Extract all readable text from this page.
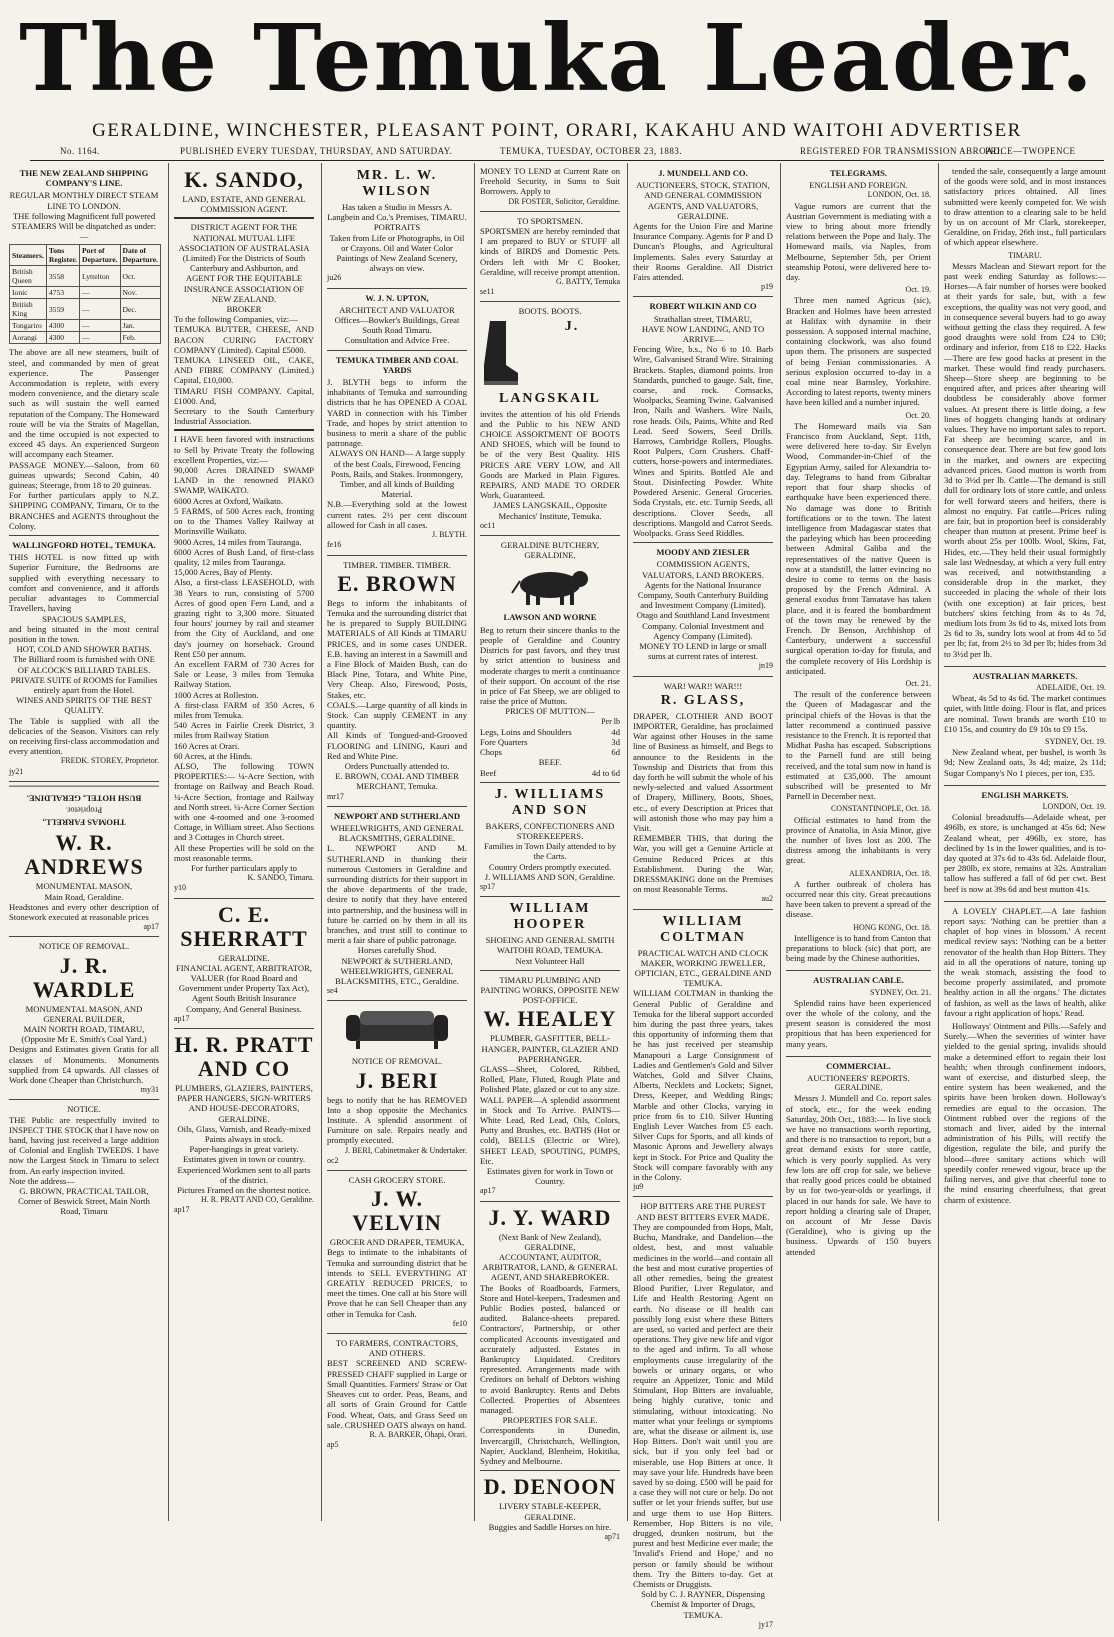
The Temuka Leader.
GERALDINE, WINCHESTER, PLEASANT POINT, ORARI, KAKAHU AND WAITOHI ADVERTISER
No. 1164.	PUBLISHED EVERY TUESDAY, THURSDAY, AND SATURDAY.	TEMUKA, TUESDAY, OCTOBER 23, 1883.	REGISTERED FOR TRANSMISSION ABROAD.
PRICE—TWOPENCE
THE NEW ZEALAND SHIPPING COMPANY'S LINE.
REGULAR MONTHLY DIRECT STEAM LINE TO LONDON.
THE following Magnificent full powered STEAMERS Will be dispatched as under:—
Steamers.	Tons Register.	Port of Departure.	Date of Departure.
British Queen	3558	Lyttelton	Oct.
Ionic	4753	—	Nov.
British King	3559	—	Dec.
Tongariro	4300	—	Jan.
Aorangi	4300	—	Feb.
The above are all new steamers, built of steel, and commanded by men of great experience. The Passenger Accommodation is replete, with every modern convenience, and the dietary scale such as will sustain the well earned reputation of the Company. The Homeward route will be via the Straits of Magellan, and the time occupied is not expected to exceed 45 days. An experienced Surgeon will accompany each Steamer.
PASSAGE MONEY.—Saloon, from 60 guineas upwards; Second Cabin, 40 guineas; Steerage, from 18 to 20 guineas.
For further particulars apply to N.Z. SHIPPING COMPANY, Timaru, Or to the BRANCHES and AGENTS throughout the Colony.
WALLINGFORD HOTEL, TEMUKA.
THIS HOTEL is now fitted up with Superior Furniture, the Bedrooms are supplied with everything necessary to comfort and convenience, and it affords peculiar advantages to Commercial Travellers, having
SPACIOUS SAMPLES,
and being situated in the most central position in the town.
HOT, COLD AND SHOWER BATHS.
The Billiard room is furnished with ONE OF ALCOCK'S BILLIARD TABLES.
PRIVATE SUITE of ROOMS for Families entirely apart from the Hotel.
WINES AND SPIRITS OF THE BEST QUALITY.
The Table is supplied with all the delicacies of the Season. Visitors can rely on receiving first-class accommodation and every attention.
FREDK. STOREY, Proprietor.
jy21
THOMAS FARRELL,
Proprietor.
BUSH HOTEL, GERALDINE.
W. R. ANDREWS
MONUMENTAL MASON,
Main Road, Geraldine.
Headstones and every other description of Stonework executed at reasonable prices
ap17
NOTICE OF REMOVAL.
J. R. WARDLE
MONUMENTAL MASON, AND GENERAL BUILDER,
MAIN NORTH ROAD, TIMARU, (Opposite Mr E. Smith's Coal Yard.)
Designs and Estimates given Gratis for all classes of Monuments. Monuments supplied from £4 upwards. All classes of Work done Cheaper than Christchurch.
my31
NOTICE.
THE Public are respectfully invited to INSPECT THE STOCK that I have now on hand, having just received a large addition of Colonial and English TWEEDS. I have now the Largest Stock in Timaru to select from. An early inspection invited.
Note the address—
G. BROWN, PRACTICAL TAILOR,
Corner of Beswick Street, Main North Road, Timaru
K. SANDO,
LAND, ESTATE, AND GENERAL COMMISSION AGENT.
DISTRICT AGENT FOR THE NATIONAL MUTUAL LIFE ASSOCIATION OF AUSTRALASIA (Limited) For the Districts of South Canterbury and Ashburton, and
AGENT FOR THE EQUITABLE INSURANCE ASSOCIATION OF NEW ZEALAND.
BROKER
To the following Companies, viz:—
TEMUKA BUTTER, CHEESE, AND BACON CURING FACTORY COMPANY (Limited). Capital £5000.
TEMUKA LINSEED OIL, CAKE, AND FIBRE COMPANY (Limited.) Capital, £10,000.
TIMARU FISH COMPANY. Capital, £1000. And,
Secretary to the South Canterbury Industrial Association.
I HAVE been favored with instructions to Sell by Private Treaty the following excellent Properties, viz:—
90,000 Acres DRAINED SWAMP LAND in the renowned PIAKO SWAMP, WAIKATO.
6000 Acres at Oxford, Waikato.
5 FARMS, of 500 Acres each, fronting on to the Thames Valley Railway at Morinsville Waikato.
9000 Acres, 14 miles from Tauranga.
6000 Acres of Bush Land, of first-class quality, 12 miles from Tauranga.
15,000 Acres, Bay of Plenty.
Also, a first-class LEASEHOLD, with 38 Years to run, consisting of 5700 Acres of good open Fern Land, and a grazing right to 3,300 more. Situated four hours' journey by rail and steamer from the City of Auckland, and one day's journey on horseback. Ground Rent £50 per annum.
An excellent FARM of 730 Acres for Sale or Lease, 3 miles from Temuka Railway Station.
1000 Acres at Rolleston.
A first-class FARM of 350 Acres, 6 miles from Temuka.
540 Acres in Fairlie Creek District, 3 miles from Railway Station
160 Acres at Orari.
60 Acres, at the Hinds.
ALSO, The following TOWN PROPERTIES:— ¼-Acre Section, with frontage on Railway and Beach Road. ¼-Acre Section, frontage and Railway and North street. ¼-Acre Corner Section with one 4-roomed and one 3-roomed Cottage, in William street. Also Sections and 3 Cottages in Church street.
All these Properties will be sold on the most reasonable terms.
For further particulars apply to
K. SANDO, Timaru.
y10
C. E. SHERRATT
GERALDINE.
FINANCIAL AGENT, ARBITRATOR, VALUER (for Road Board and Government under Property Tax Act),
Agent South British Insurance Company, And General Business.
ap17
H. R. PRATT AND CO
PLUMBERS, GLAZIERS, PAINTERS, PAPER HANGERS, SIGN-WRITERS AND HOUSE-DECORATORS,
GERALDINE.
Oils, Glass, Varnish, and Ready-mixed Paints always in stock.
Paper-hangings in great variety.
Estimates given in town or country.
Experienced Workmen sent to all parts of the district.
Pictures Framed on the shortest notice.
H. R. PRATT AND CO, Geraldine.
ap17
MR. L. W. WILSON
Has taken a Studio in Messrs A. Langbein and Co.'s Premises, TIMARU.
PORTRAITS
Taken from Life or Photographs, in Oil or Crayons. Oil and Water Color Paintings of New Zealand Scenery, always on view.
ju26
W. J. N. UPTON,
ARCHITECT AND VALUATOR
Offices—Bowker's Buildings, Great South Road Timaru.
Consultation and Advice Free.
TEMUKA TIMBER AND COAL YARDS
J. BLYTH begs to inform the inhabitants of Temuka and surrounding districts that he has OPENED A COAL YARD in connection with his Timber Trade, and hopes by strict attention to business to merit a share of the public patronage.
ALWAYS ON HAND— A large supply of the best Coals, Firewood, Fencing Posts, Rails, and Stakes. Ironmongery, Timber, and all kinds of Building Material.
N.B.—Everything sold at the lowest current rates. 2½ per cent discount allowed for Cash in all cases.
J. BLYTH.
fe16
TIMBER. TIMBER. TIMBER.
E. BROWN
Begs to inform the inhabitants of Temuka and the surrounding district that he is prepared to Supply BUILDING MATERIALS of All Kinds at TIMARU PRICES, and in some cases UNDER. E.B. having an interest in a Sawmill and a Fine Block of Maiden Bush, can do Black Pine, Totara, and White Pine, Very Cheap. Also, Firewood, Posts, Stakes, etc.
COALS.—Large quantity of all kinds in Stock. Can supply CEMENT in any quantity.
All Kinds of Tongued-and-Grooved FLOORING and LINING, Kauri and Red and White Pine.
Orders Punctually attended to.
E. BROWN, COAL AND TIMBER MERCHANT, Temuka.
mr17
NEWPORT AND SUTHERLAND
WHEELWRIGHTS, AND GENERAL BLACKSMITHS, GERALDINE.
L. NEWPORT AND M. SUTHERLAND in thanking their numerous Customers in Geraldine and surrounding districts for their support in the above departments of the trade, desire to notify that they have entered into partnership, and the business will in future be carried on by them in all its branches, and trust still to continue to merit a fair share of public patronage.
Horses carefully Shod.
NEWPORT & SUTHERLAND, WHEELWRIGHTS, GENERAL BLACKSMITHS, ETC., Geraldine.
se4
NOTICE OF REMOVAL.
J. BERI
begs to notify that he has REMOVED Into a shop opposite the Mechanics Institute. A splendid assortment of Furniture on sale. Repairs neatly and promptly executed.
J. BERI, Cabinetmaker & Undertaker.
oc2
CASH GROCERY STORE.
J. W. VELVIN
GROCER AND DRAPER, TEMUKA,
Begs to intimate to the inhabitants of Temuka and surrounding district that he intends to SELL EVERYTHING AT GREATLY REDUCED PRICES, to meet the times. One call at his Store will Prove that he can Sell Cheaper than any other in Temuka for Cash.
fe10
TO FARMERS, CONTRACTORS, AND OTHERS.
BEST SCREENED AND SCREW-PRESSED CHAFF supplied in Large or Small Quantities. Farmers' Straw or Oat Sheaves cut to order. Peas, Beans, and all sorts of Grain Ground for Cattle Food. Wheat, Oats, and Grass Seed on sale. CRUSHED OATS always on hand.
R. A. BARKER, Ohapi, Orari.
ap5
MONEY TO LEND at Current Rate on Freehold Security, in Sums to Suit Borrowers. Apply to
DR FOSTER, Solicitor, Geraldine.
TO SPORTSMEN.
SPORTSMEN are hereby reminded that I am prepared to BUY or STUFF all kinds of BIRDS and Domestic Pets. Orders left with Mr C Booker, Geraldine, will receive prompt attention.
G. BATTY, Temuka
se11
BOOTS. BOOTS.
J. LANGSKAIL
invites the attention of his old Friends and the Public to his NEW AND CHOICE ASSORTMENT OF BOOTS AND SHOES, which will be found to be of the very Best Quality. HIS PRICES ARE VERY LOW, and All Goods are Marked in Plain Figures. REPAIRS, AND MADE TO ORDER Work, Guaranteed.
JAMES LANGSKAIL, Opposite Mechanics' Institute, Temuka.
oc11
GERALDINE BUTCHERY, GERALDINE.
LAWSON AND WORNE
Beg to return their sincere thanks to the people of Geraldine and Country Districts for past favors, and they trust by strict attention to business and moderate charges to merit a continuance of their support. On account of the rise in price of Fat Sheep, we are obliged to raise the price of Mutton.
PRICES OF MUTTON—
Per lb
Legs, Loins and Shoulders	4d
Fore Quarters	3d
Chops	6d
BEEF.
Beef	4d to 6d
J. WILLIAMS AND SON
BAKERS, CONFECTIONERS AND STOREKEEPERS.
Families in Town Daily attended to by the Carts.
Country Orders promptly executed.
J. WILLIAMS AND SON, Geraldine.
sp17
WILLIAM HOOPER
SHOEING AND GENERAL SMITH
WAITOHI ROAD, TEMUKA.
Next Volunteer Hall
TIMARU PLUMBING AND PAINTING WORKS, OPPOSITE NEW POST-OFFICE.
W. HEALEY
PLUMBER, GASFITTER, BELL-HANGER, PAINTER, GLAZIER AND PAPERHANGER.
GLASS—Sheet, Colored, Ribbed, Rolled, Plate, Fluted, Rough Plate and Polished Plate, glazed or cut to any size. WALL PAPER—A splendid assortment in Stock and To Arrive. PAINTS—White Lead, Red Lead, Oils, Colors, Putty and Brushes, etc. BATHS (Hot or cold), BELLS (Electric or Wire), SHEET LEAD, SPOUTING, PUMPS, Etc.
Estimates given for work in Town or Country.
ap17
J. Y. WARD
(Next Bank of New Zealand), GERALDINE,
ACCOUNTANT, AUDITOR, ARBITRATOR, LAND, & GENERAL AGENT, AND SHAREBROKER.
The Books of Roadboards, Farmers, Store and Hotel-keepers, Tradesmen and Public Bodies posted, balanced or audited. Balance-sheets prepared. Contractors', Partnership, or other complicated Accounts investigated and accurately adjusted. Estates in Bankruptcy Liquidated. Creditors represented. Arrangements made with Creditors on behalf of Debtors wishing to avoid Bankruptcy. Rents and Debts Collected. Properties of Absentees managed.
PROPERTIES FOR SALE.
Correspondents in Dunedin, Invercargill, Christchurch, Wellington, Napier, Auckland, Blenheim, Hokitika, Sydney and Melbourne.
D. DENOON
LIVERY STABLE-KEEPER, GERALDINE.
Buggies and Saddle Horses on hire.
ap71
J. MUNDELL AND CO.
AUCTIONEERS, STOCK, STATION, AND GENERAL COMMISSION AGENTS, AND VALUATORS, GERALDINE.
Agents for the Union Fire and Marine Insurance Company. Agents for P and D Duncan's Ploughs, and Agricultural Implements. Sales every Saturday at their Rooms Geraldine. All District Fairs attended.
p19
ROBERT WILKIN AND CO
Strathallan street, TIMARU,
HAVE NOW LANDING, AND TO ARRIVE—
Fencing Wire, b.s., No 6 to 10. Barb Wire, Galvanised Strand Wire. Straining Brackets. Staples, diamond points. Iron Standards, punched to gauge. Salt, fine, coarse, and rock. Cornsacks, Woolpacks, Seaming Twine. Galvanised Iron, Nails and Washers. Wire Nails, rose heads. Oils, Paints, White and Red Lead. Seed Sowers, Seed Drills. Harrows, Cambridge Rollers, Ploughs. Root Pulpers, Corn Crushers. Chaff-cutters, horse-powers and intermediates. Wines and Spirits. Bottled Ale and Stout. Disinfecting Powder. White Powdered Arsenic. General Groceries. Soda Crystals, etc. etc. Turnip Seeds, all descriptions. Clover Seeds, all descriptions. Mangold and Carrot Seeds. Woolpacks. Grass Seed Riddles.
MOODY AND ZIESLER
COMMISSION AGENTS, VALUATORS, LAND BROKERS.
Agents for the National Insurance Company, South Canterbury Building and Investment Company (Limited). Otago and Southland Land Investment Company. Colonial Investment and Agency Company (Limited).
MONEY TO LEND in large or small sums at current rates of interest.
jn19
WAR! WAR!! WAR!!!
R. GLASS,
DRAPER, CLOTHIER AND BOOT IMPORTER, Geraldine, has proclaimed War against other Houses in the same line of Business as himself, and Begs to announce to the Residents in the Township and Districts that from this day forth he will submit the whole of his newly-selected and valued Assortment of Drapery, Millinery, Boots, Shoes, etc., of every Description at Prices that will astonish those who may pay him a Visit.
REMEMBER THIS, that during the War, you will get a Genuine Article at Genuine Reduced Prices at this Establishment. During the War, DRESSMAKING done on the Premises on most Reasonable Terms.
au2
WILLIAM COLTMAN
PRACTICAL WATCH AND CLOCK MAKER, WORKING JEWELLER, OPTICIAN, ETC., GERALDINE AND TEMUKA.
WILLIAM COLTMAN in thanking the General Public of Geraldine and Temuka for the liberal support accorded him during the past three years, takes this opportunity of informing them that he has just received per steamship Manapouri a Large Consignment of Ladies and Gentlemen's Gold and Silver Watches, Gold and Silver Chains, Alberts, Necklets and Lockets; Signet, Dress, Keeper, and Wedding Rings; Marble and other Clocks, varying in price from 6s to £10. Silver Hunting English Lever Watches from £5 each. Silver Cups for Sports, and all kinds of Masonic Aprons and Jewellery always kept in Stock. For Price and Quality the Stock will compare favorably with any in the Colony.
ju9
HOP BITTERS ARE THE PUREST AND BEST BITTERS EVER MADE.
They are compounded from Hops, Malt, Buchu, Mandrake, and Dandelion—the oldest, best, and most valuable medicines in the world—and contain all the best and most curative properties of all other remedies, being the greatest Blood Purifier, Liver Regulator, and Life and Health Restoring Agent on earth. No disease or ill health can possibly long exist where these Bitters are used, so varied and perfect are their operations. They give new life and vigor to the aged and infirm. To all whose employments cause irregularity of the bowels or urinary organs, or who require an Appetizer, Tonic and Mild Stimulant, Hop Bitters are invaluable, being highly curative, tonic and stimulating, without intoxicating. No matter what your feelings or symptoms are, what the disease or ailment is, use Hop Bitters. Don't wait until you are sick, but if you only feel bad or miserable, use Hop Bitters at once. It may save your life. Hundreds have been saved by so doing. £500 will be paid for a case they will not cure or help. Do not suffer or let your friends suffer, but use and urge them to use Hop Bitters. Remember, Hop Bitters is no vile, drugged, drunken nostrum, but the purest and best Medicine ever made; the 'Invalid's Friend and Hope,' and no person or family should be without them. Try the Bitters to-day. Get at Chemists or Druggists.
Sold by C. J. RAYNER, Dispensing Chemist & Importer of Drugs, TEMUKA.
jy17
TELEGRAMS.
ENGLISH AND FOREIGN.
LONDON, Oct. 18.
Vague rumors are current that the Austrian Government is mediating with a view to bring about more friendly relations between the Pope and Italy. The Homeward mails, via Naples, from Melbourne, September 5th, per Orient steamship Potosi, were delivered here to-day.
Oct. 19.
Three men named Agricus (sic), Bracken and Holmes have been arrested at Halifax with dynamite in their possession. A supposed internal machine, containing clockwork, was also found upon them. The prisoners are suspected of being Fenian commissionaries. A serious explosion occurred to-day in a coal mine near Barnsley, Yorkshire. According to latest reports, twenty miners have been killed and a number injured.
Oct. 20.
The Homeward mails via San Francisco from Auckland, Sept. 11th, were delivered here to-day. Sir Evelyn Wood, Commander-in-Chief of the Egyptian Army, sailed for Alexandria to-day. Telegrams to hand from Gibraltar report that four sharp shocks of earthquake have been experienced there. No damage was done to British fortifications or to the town. The latest intelligence from Madagascar states that the parleying which has been proceeding between Admiral Galiba and the representatives of the native Queen is now at a standstill, the latter evincing no desire to come to terms on the basis proposed by the French Admiral. A general exodus from Tamatave has taken place, and it is feared the bombardment of the town may be renewed by the French. Dr Benson, Archbishop of Canterbury, underwent a successful surgical operation to-day for fistula, and the complete recovery of His Lordship is anticipated.
Oct. 21.
The result of the conference between the Queen of Madagascar and the principal chiefs of the Hovas is that the latter recommend a continued passive resistance to the French. It is reported that Midhat Pasha has escaped. Subscriptions to the Parnell fund are still being received, and the total sum now in hand is estimated at £35,000. The amount subscribed will be presented to Mr Parnell in December next.
CONSTANTINOPLE, Oct. 18.
Official estimates to hand from the province of Anatolia, in Asia Minor, give the number of lives lost as 200. The distress among the inhabitants is very great.
ALEXANDRIA, Oct. 18.
A further outbreak of cholera has occurred near this city. Great precautions have been taken to prevent a spread of the disease.
HONG KONG, Oct. 18.
Intelligence is to hand from Canton that preparations to block (sic) that port, are being made by the Chinese authorities.
AUSTRALIAN CABLE.
SYDNEY, Oct. 21.
Splendid rains have been experienced over the whole of the colony, and the present season is considered the most propitious that has been experienced for many years.
COMMERCIAL.
AUCTIONEERS' REPORTS.
GERALDINE.
Messrs J. Mundell and Co. report sales of stock, etc., for the week ending Saturday, 20th Oct., 1883:— In live stock we have no transactions worth reporting, and there is no transaction to report, but a great demand exists for store cattle, which is very poorly supplied. As very few lots are off crop for sale, we believe that really good prices could be obtained by us for two-year-olds or yearlings, if placed in our hands for sale. We have to report holding a clearing sale of Draper, on account of Mr Jesse Davis (Geraldine), who is giving up the business. Upwards of 150 buyers attended
tended the sale, consequently a large amount of the goods were sold, and in most instances satisfactory prices obtained. All lines submitted were keenly competed for. We wish to draw attention to a clearing sale to be held by us on account of Mr Clark, storekeeper, Geraldine, on Friday, 26th inst., full particulars of which appear elsewhere.
TIMARU.
Messrs Maclean and Stewart report for the past week ending Saturday as follows:— Horses—A fair number of horses were booked at their yards for sale, but, with a few exceptions, the quality was not very good, and in consequence several buyers had to go away without getting the class they required. A few good draughts were sold from £24 to £30; ordinary and inferior, from £18 to £22. Hacks—There are few good hacks at present in the market. These would find ready purchasers. Sheep—Store sheep are beginning to be enquired after, and prices after shearing will doubtless be considerably above former values. At present there is little doing, a few lines of hoggets changing hands at ordinary values. They have no important sales to report. Fat sheep are becoming scarce, and in consequence dear. There are but few good lots in the market, and owners are expecting advanced prices. Good mutton is worth from 3d to 3½d per lb. Cattle—The demand is still dull for ordinary lots of store cattle, and unless for well forward steers and heifers, there is almost no enquiry. Fat cattle—Prices ruling are fair, but in proportion beef is considerably cheaper than mutton at present. Prime beef is worth about 25s per 100lb. Wool, Skins, Fat, Hides, etc.—They held their usual fortnightly sale last Wednesday, at which a very full entry was received, and notwithstanding a considerable drop in the market, they succeeded in placing the whole of their lots (with one exception) at fair prices, best butchers' skins fetching from 4s to 4s 7d, medium lots from 3s 6d to 4s, mixed lots from 2s 6d to 3s, sundry lots wool at from 4d to 5d per lb; fat, from 2½ to 3d per lb; hides from 3d to 3½d per lb.
AUSTRALIAN MARKETS.
ADELAIDE, Oct. 19.
Wheat, 4s 5d to 4s 6d. The market continues quiet, with little doing. Flour is flat, and prices are nominal. Town brands are worth £10 to £10 15s, and country do £9 10s to £9 15s.
SYDNEY, Oct. 19.
New Zealand wheat, per bushel, is worth 3s 9d; New Zealand oats, 3s 4d; maize, 2s 11d; Sugar Company's No 1 pieces, per ton, £35.
ENGLISH MARKETS.
LONDON, Oct. 19.
Colonial breadstuffs—Adelaide wheat, per 496lb, ex store, is unchanged at 45s 6d; New Zealand wheat, per 496lb, ex store, has declined by 1s in the lower qualities, and is to-day quoted at 37s 6d to 43s 6d. Adelaide flour, per 280lb, ex store, remains at 32s. Australian tallow has suffered a fall of 6d per cwt. Best beef is now at 39s 6d and best mutton 41s.
A LOVELY CHAPLET.—A late fashion report says: 'Nothing can be prettier than a chaplet of hop vines in blossom.' A recent medical review says: 'Nothing can be a better renovator of the health than Hop Bitters. They aid in all the operations of nature, toning up the weak stomach, assisting the food to become properly assimilated, and promote healthy action in all the organs.' The dictates of fashion, as well as the laws of health, alike favour a right application of hops.' Read.
Holloways' Ointment and Pills.—Safely and Surely.—When the severities of winter have yielded to the genial spring, invalids should make a determined effort to regain their lost health; when through confinement indoors, want of exercise, and disturbed sleep, the entire system has been weakened, and the spirits have been broken down. Holloway's remedies are equal to the occasion. The Ointment rubbed over the regions of the stomach and liver, aided by the internal administration of his Pills, will rectify the digestion, regulate the bile, and purify the blood—three sanitary actions which will speedily confer renewed vigour, brace up the failing nerves, and give that cheerful tone to the mind ensuring cheerfulness, that great charm of existence.
